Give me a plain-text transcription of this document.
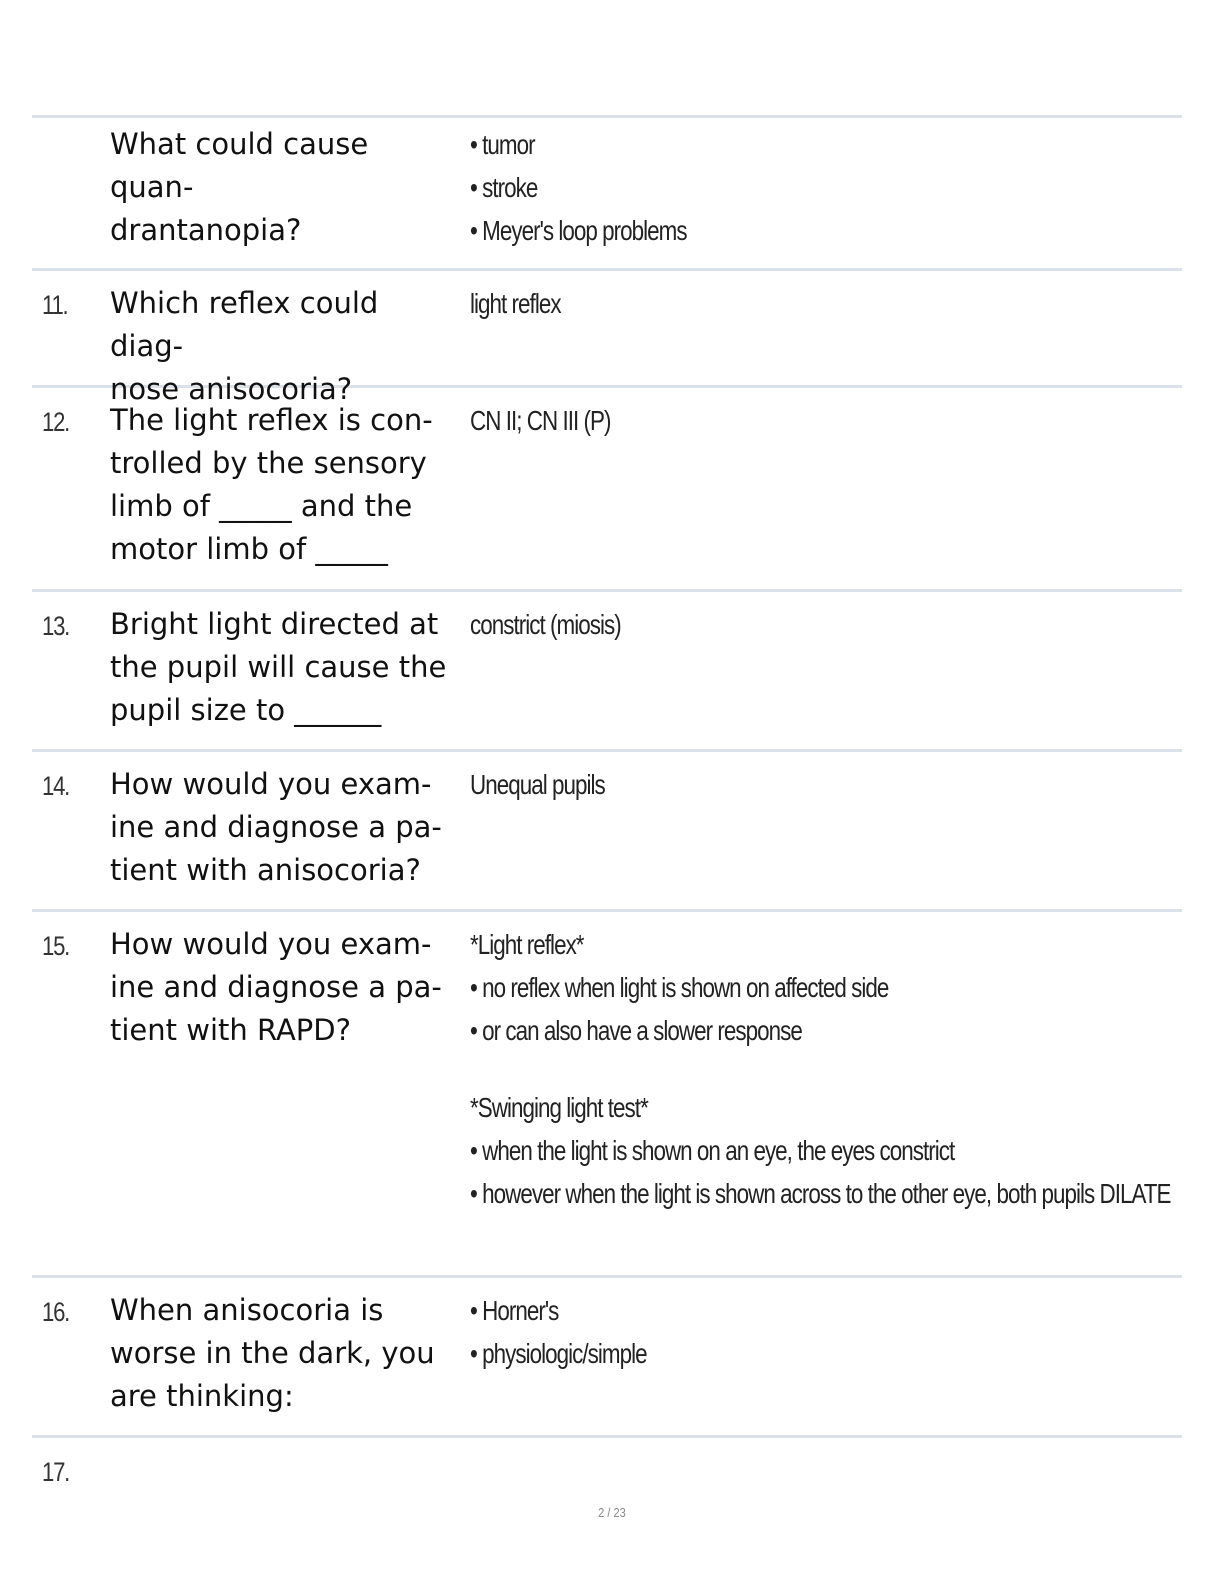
What could cause quan-
drantanopia?
• tumor
• stroke
• Meyer's loop problems
11. Which reflex could diag-
nose anisocoria?
light reflex
12. The light reflex is con-
trolled by the sensory
limb of _____ and the
motor limb of _____
CN II; CN III (P)
13. Bright light directed at
the pupil will cause the
pupil size to ______
constrict (miosis)
14. How would you exam-
ine and diagnose a pa-
tient with anisocoria?
Unequal pupils
15. How would you exam-
ine and diagnose a pa-
tient with RAPD?
*Light reflex*
• no reflex when light is shown on affected side
• or can also have a slower response
*Swinging light test*
• when the light is shown on an eye, the eyes constrict
• however when the light is shown across to the other eye, both pupils DILATE
16. When anisocoria is
worse in the dark, you
are thinking:
• Horner's
• physiologic/simple
17.
2 / 23
